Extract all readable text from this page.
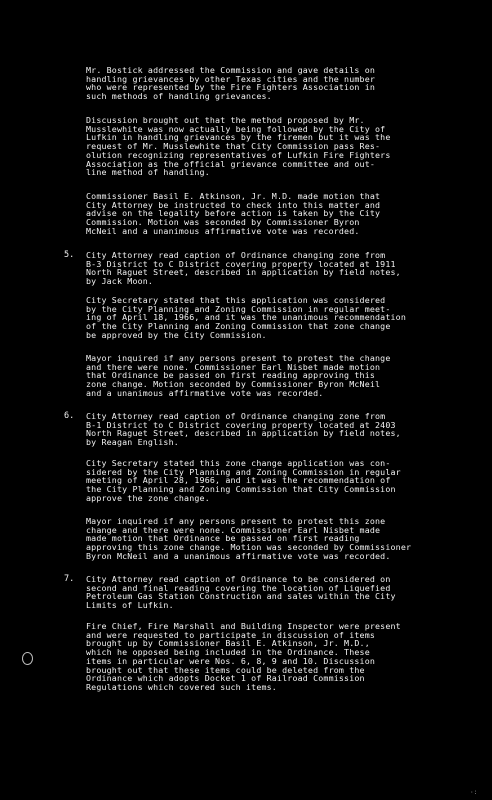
Mr. Bostick addressed the Commission and gave details on
handling grievances by other Texas cities and the number
who were represented by the Fire Fighters Association in
such methods of handling grievances.

Discussion brought out that the method proposed by Mr.
Musslewhite was now actually being followed by the City of
Lufkin in handling grievances by the firemen but it was the
request of Mr. Musslewhite that City Commission pass Res-
olution recognizing representatives of Lufkin Fire Fighters
Association as the official grievance committee and out-
line method of handling.

Commissioner Basil E. Atkinson, Jr. M.D. made motion that
City Attorney be instructed to check into this matter and
advise on the legality before action is taken by the City
Commission. Motion was seconded by Commissioner Byron
McNeil and a unanimous affirmative vote was recorded.

5. City Attorney read caption of Ordinance changing zone from
B-3 District to C District covering property located at 1911
North Raguet Street, described in application by field notes,
by Jack Moon.

City Secretary stated that this application was considered
by the City Planning and Zoning Commission in regular meet-
ing of April 18, 1966, and it was the unanimous recommendation
of the City Planning and Zoning Commission that zone change
be approved by the City Commission.

Mayor inquired if any persons present to protest the change
and there were none. Commissioner Earl Nisbet made motion
that Ordinance be passed on first reading approving this
zone change. Motion seconded by Commissioner Byron McNeil
and a unanimous affirmative vote was recorded.

6. City Attorney read caption of Ordinance changing zone from
B-1 District to C District covering property located at 2403
North Raguet Street, described in application by field notes,
by Reagan English.

City Secretary stated this zone change application was con-
sidered by the City Planning and Zoning Commission in regular
meeting of April 28, 1966, and it was the recommendation of
the City Planning and Zoning Commission that City Commission
approve the zone change.

Mayor inquired if any persons present to protest this zone
change and there were none. Commissioner Earl Nisbet made
made motion that Ordinance be passed on first reading
approving this zone change. Motion was seconded by Commissioner
Byron McNeil and a unanimous affirmative vote was recorded.

7. City Attorney read caption of Ordinance to be considered on
second and final reading covering the location of Liquefied
Petroleum Gas Station Construction and sales within the City
Limits of Lufkin.

Fire Chief, Fire Marshall and Building Inspector were present
and were requested to participate in discussion of items
brought up by Commissioner Basil E. Atkinson, Jr. M.D.,
which he opposed being included in the Ordinance. These
items in particular were Nos. 6, 8, 9 and 10. Discussion
brought out that these items could be deleted from the
Ordinance which adopts Docket 1 of Railroad Commission
Regulations which covered such items.

·:
